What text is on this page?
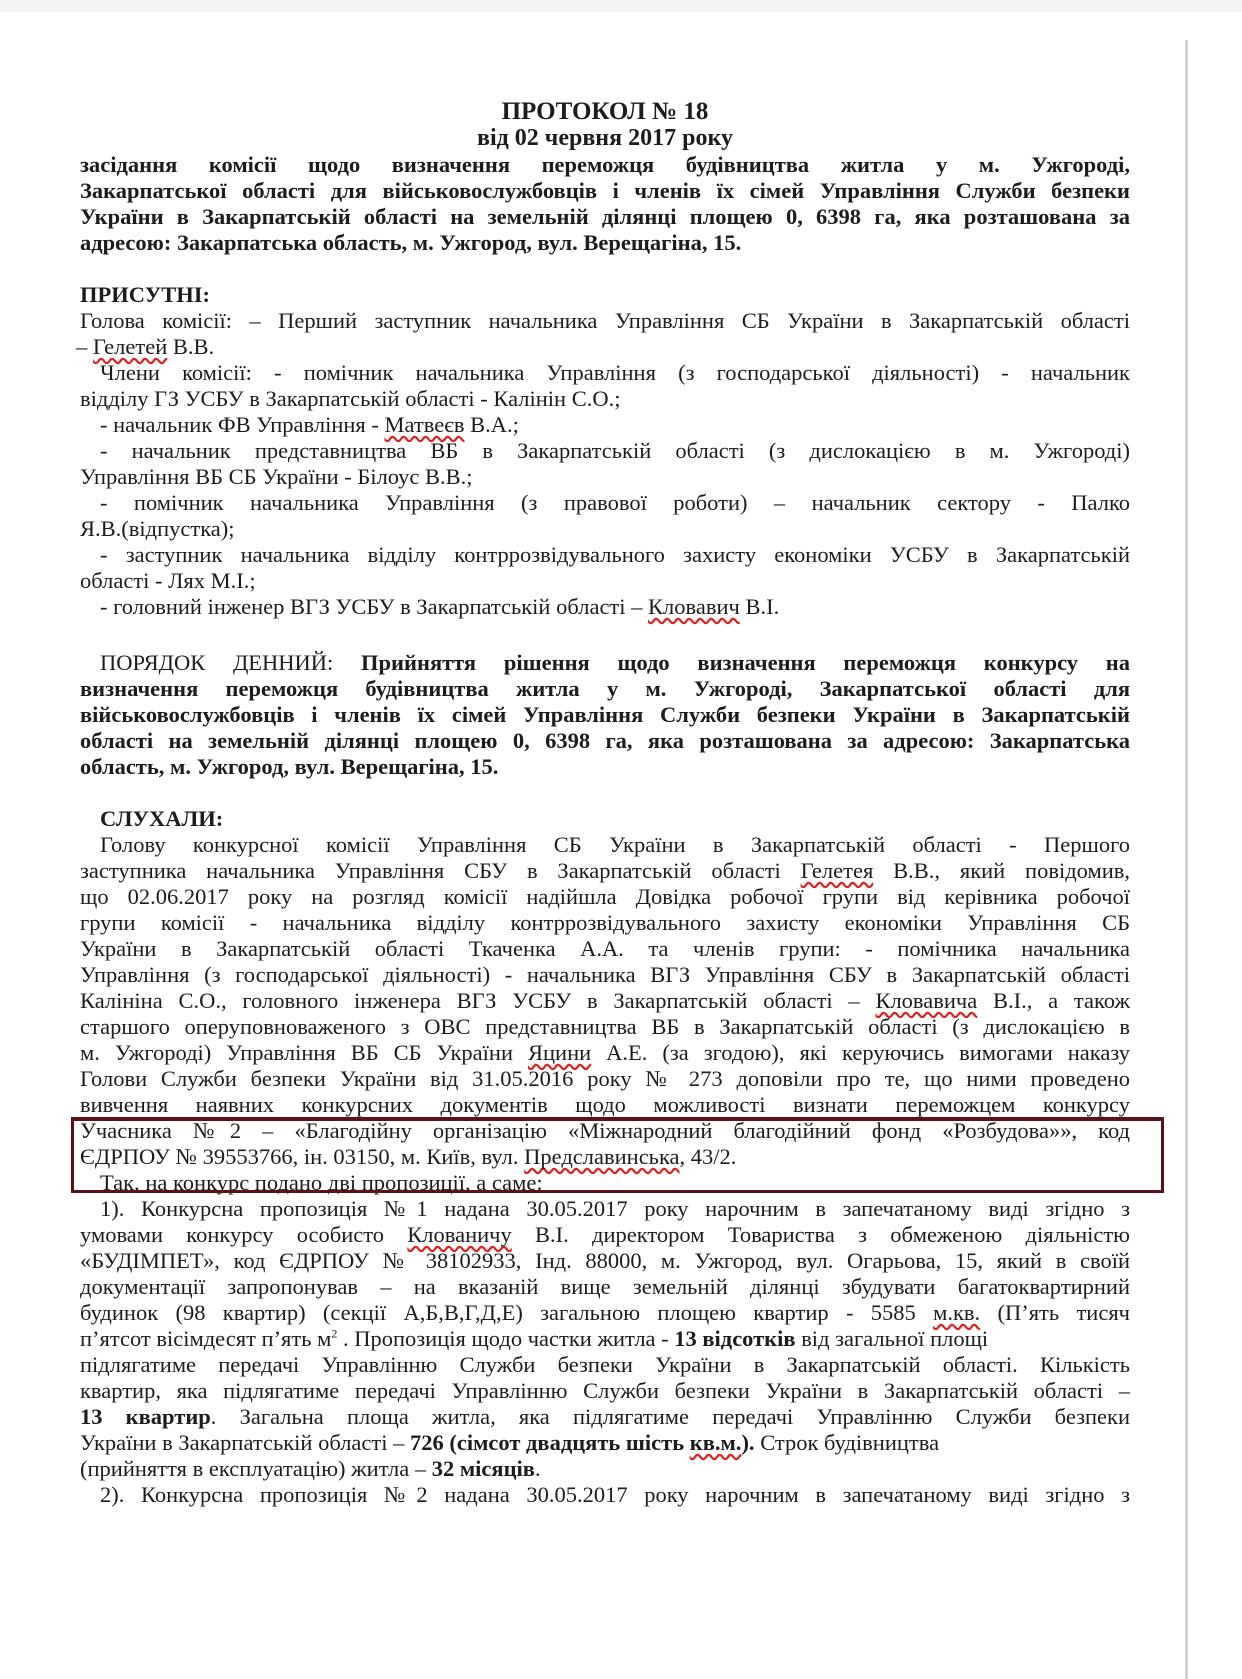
ПРОТОКОЛ № 18
від 02 червня 2017 року
засідання комісії щодо визначення переможця будівництва житла у м. Ужгороді,
Закарпатської області для військовослужбовців і членів їх сімей Управління Служби безпеки
України в Закарпатській області на земельній ділянці площею 0, 6398 га, яка розташована за
адресою: Закарпатська область, м. Ужгород, вул. Верещагіна, 15.
ПРИСУТНІ:
Голова комісії: – Перший заступник начальника Управління СБ України в Закарпатській області
– Гелетей В.В.
Члени комісії: - помічник начальника Управління (з господарської діяльності) - начальник
відділу ГЗ УСБУ в Закарпатській області - Калінін С.О.;
- начальник ФВ Управління - Матвеєв В.А.;
- начальник представництва ВБ в Закарпатській області (з дислокацією в м. Ужгороді)
Управління ВБ СБ України - Білоус В.В.;
- помічник начальника Управління (з правової роботи) – начальник сектору - Палко
Я.В.(відпустка);
- заступник начальника відділу контррозвідувального захисту економіки УСБУ в Закарпатській
області - Лях М.І.;
- головний інженер ВГЗ УСБУ в Закарпатській області – Кловавич В.І.
ПОРЯДОК ДЕННИЙ: Прийняття рішення щодо визначення переможця конкурсу на
визначення переможця будівництва житла у м. Ужгороді, Закарпатської області для
військовослужбовців і членів їх сімей Управління Служби безпеки України в Закарпатській
області на земельній ділянці площею 0, 6398 га, яка розташована за адресою: Закарпатська
область, м. Ужгород, вул. Верещагіна, 15.
СЛУХАЛИ:
Голову конкурсної комісії Управління СБ України в Закарпатській області - Першого
заступника начальника Управління СБУ в Закарпатській області Гелетея В.В., який повідомив,
що 02.06.2017 року на розгляд комісії надійшла Довідка робочої групи від керівника робочої
групи комісії - начальника відділу контррозвідувального захисту економіки Управління СБ
України в Закарпатській області Ткаченка А.А. та членів групи: - помічника начальника
Управління (з господарської діяльності) - начальника ВГЗ Управління СБУ в Закарпатській області
Калініна С.О., головного інженера ВГЗ УСБУ в Закарпатській області – Кловавича В.І., а також
старшого оперуповноваженого з ОВС представництва ВБ в Закарпатській області (з дислокацією в
м. Ужгороді) Управління ВБ СБ України Яцини А.Е. (за згодою), які керуючись вимогами наказу
Голови Служби безпеки України від 31.05.2016 року № 273 доповіли про те, що ними проведено
вивчення наявних конкурсних документів щодо можливості визнати переможцем конкурсу
Учасника №2 – «Благодійну організацію «Міжнародний благодійний фонд «Розбудова»», код
ЄДРПОУ № 39553766, ін. 03150, м. Київ, вул. Предславинська, 43/2.
Так, на конкурс подано дві пропозиції, а саме:
1). Конкурсна пропозиція №1 надана 30.05.2017 року нарочним в запечатаному виді згідно з
умовами конкурсу особисто Клованичу В.І. директором Товариства з обмеженою діяльністю
«БУДІМПЕТ», код ЄДРПОУ № 38102933, Інд. 88000, м. Ужгород, вул. Огарьова, 15, який в своїй
документації запропонував – на вказаній вище земельній ділянці збудувати багатоквартирний
будинок (98 квартир) (секції А,Б,В,Г,Д,Е) загальною площею квартир - 5585 м.кв. (П’ять тисяч
п’ятсот вісімдесят п’ять $м^2$ . Пропозиція щодо частки житла - 13 відсотків від загальної площі
підлягатиме передачі Управлінню Служби безпеки України в Закарпатській області. Кількість
квартир, яка підлягатиме передачі Управлінню Служби безпеки України в Закарпатській області –
13 квартир. Загальна площа житла, яка підлягатиме передачі Управлінню Служби безпеки
України в Закарпатській області – 726 (сімсот двадцять шість кв.м.). Строк будівництва
(прийняття в експлуатацію) житла – 32 місяців.
2). Конкурсна пропозиція №2 надана 30.05.2017 року нарочним в запечатаному виді згідно з
